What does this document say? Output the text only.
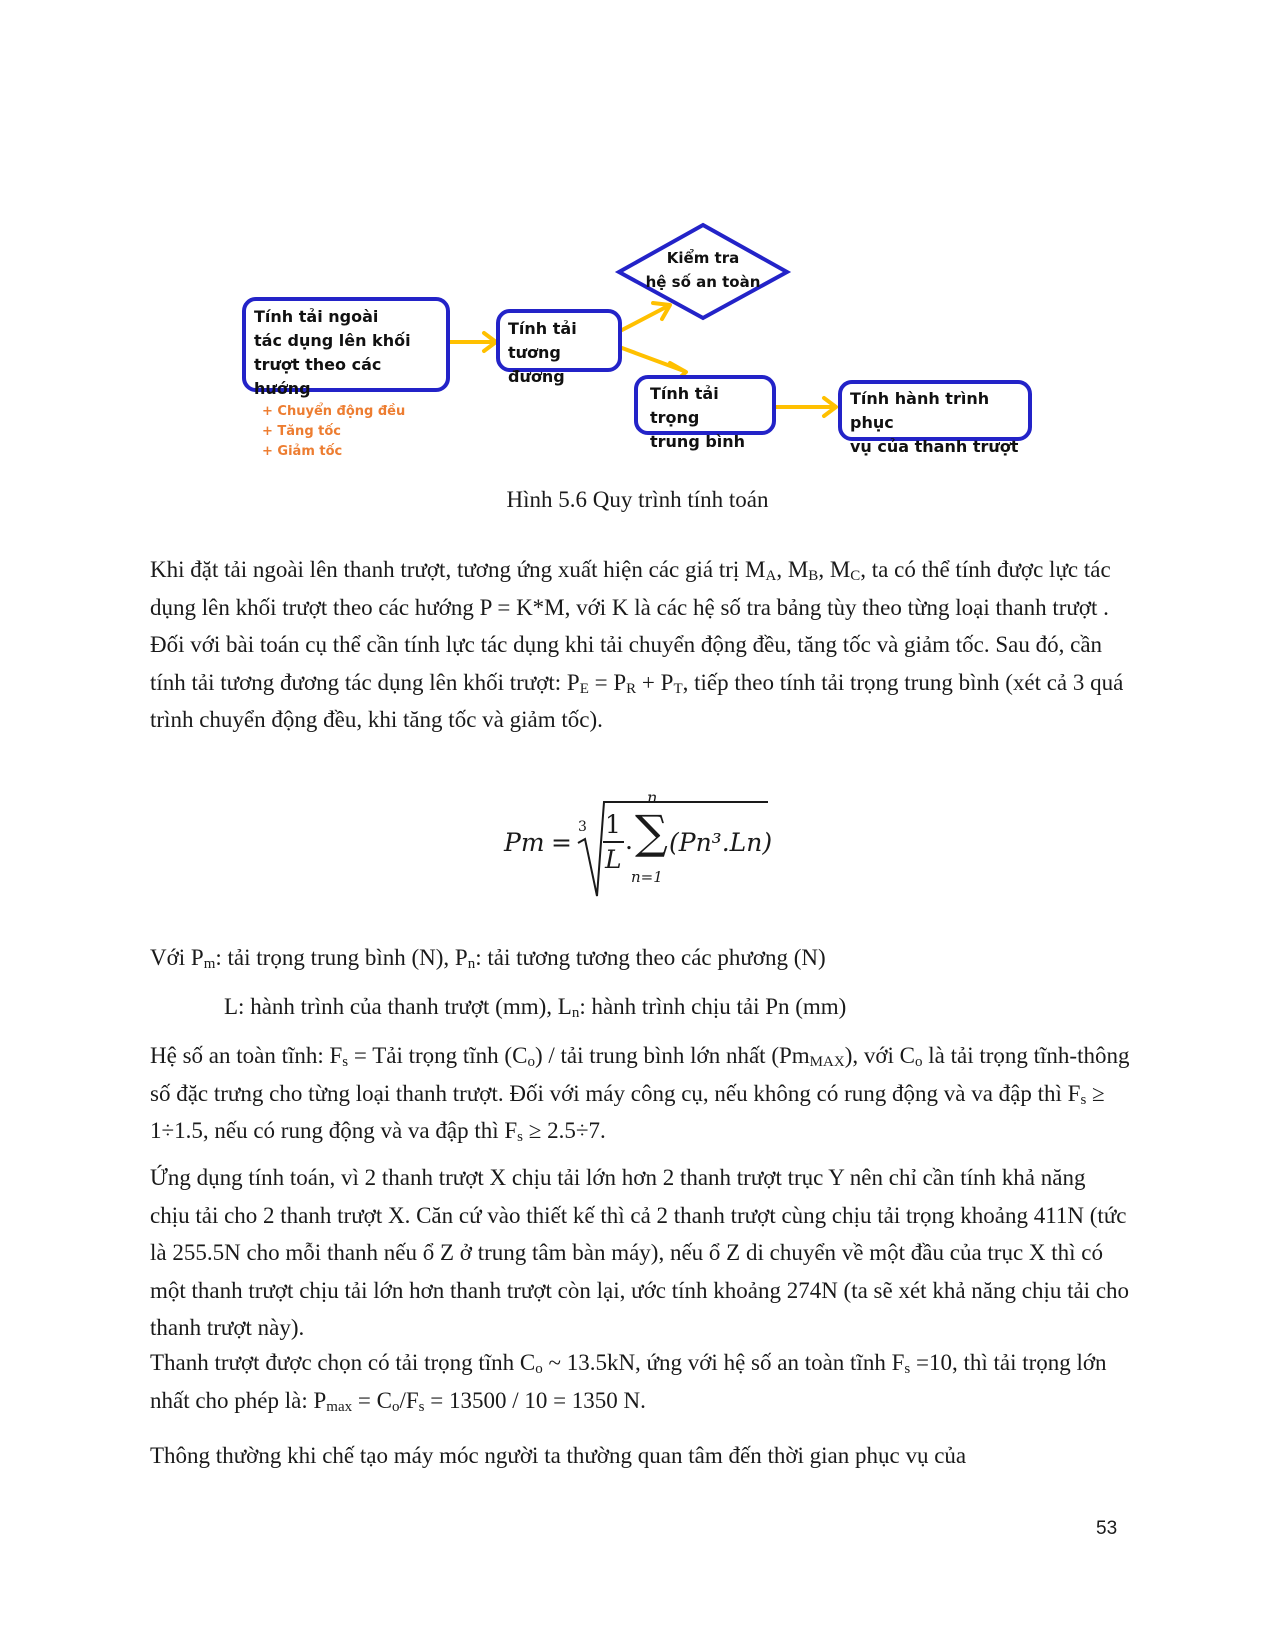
Tính tải ngoài
tác dụng lên khối
trượt theo các hướng
Tính tải
tương đương
Kiểm tra
hệ số an toàn
Tính tải trọng
trung bình
Tính hành trình phục
vụ của thanh trượt
+ Chuyển động đều
+ Tăng tốc
+ Giảm tốc
Hình 5.6 Quy trình tính toán

Khi đặt tải ngoài lên thanh trượt, tương ứng xuất hiện các giá trị $M_A$, $M_B$, $M_C$, ta có thể tính được lực tác dụng lên khối trượt theo các hướng P = K*M, với K là các hệ số tra bảng tùy theo từng loại thanh trượt . Đối với bài toán cụ thể cần tính lực tác dụng khi tải chuyển động đều, tăng tốc và giảm tốc. Sau đó, cần tính tải tương đương tác dụng lên khối trượt: $P_E = P_R + P_T$, tiếp theo tính tải trọng trung bình (xét cả 3 quá trình chuyển động đều, khi tăng tốc và giảm tốc).

Pm =
3 1
L
.
n
∑
n=1
(Pn³.Ln)

Với $P_m$: tải trọng trung bình (N), $P_n$: tải tương tương theo các phương (N)

L: hành trình của thanh trượt (mm), $L_n$: hành trình chịu tải Pn (mm)

Hệ số an toàn tĩnh: $F_s$ = Tải trọng tĩnh $(C_o)$ / tải trung bình lớn nhất $(Pm_{MAX})$, với $C_o$ là tải trọng tĩnh-thông số đặc trưng cho từng loại thanh trượt. Đối với máy công cụ, nếu không có rung động và va đập thì $F_s \ge 1\div 1.5$, nếu có rung động và va đập thì $F_s \ge 2.5\div 7$.

Ứng dụng tính toán, vì 2 thanh trượt X chịu tải lớn hơn 2 thanh trượt trục Y nên chỉ cần tính khả năng chịu tải cho 2 thanh trượt X. Căn cứ vào thiết kế thì cả 2 thanh trượt cùng chịu tải trọng khoảng 411N (tức là 255.5N cho mỗi thanh nếu ổ Z ở trung tâm bàn máy), nếu ổ Z di chuyển về một đầu của trục X thì có một thanh trượt chịu tải lớn hơn thanh trượt còn lại, ước tính khoảng 274N (ta sẽ xét khả năng chịu tải cho thanh trượt này).

Thanh trượt được chọn có tải trọng tĩnh $C_o$ ~ 13.5kN, ứng với hệ số an toàn tĩnh $F_s =10$, thì tải trọng lớn nhất cho phép là: $P_{max} = C_o/F_s = 13500 / 10 = 1350$ N.

Thông thường khi chế tạo máy móc người ta thường quan tâm đến thời gian phục vụ của

53
